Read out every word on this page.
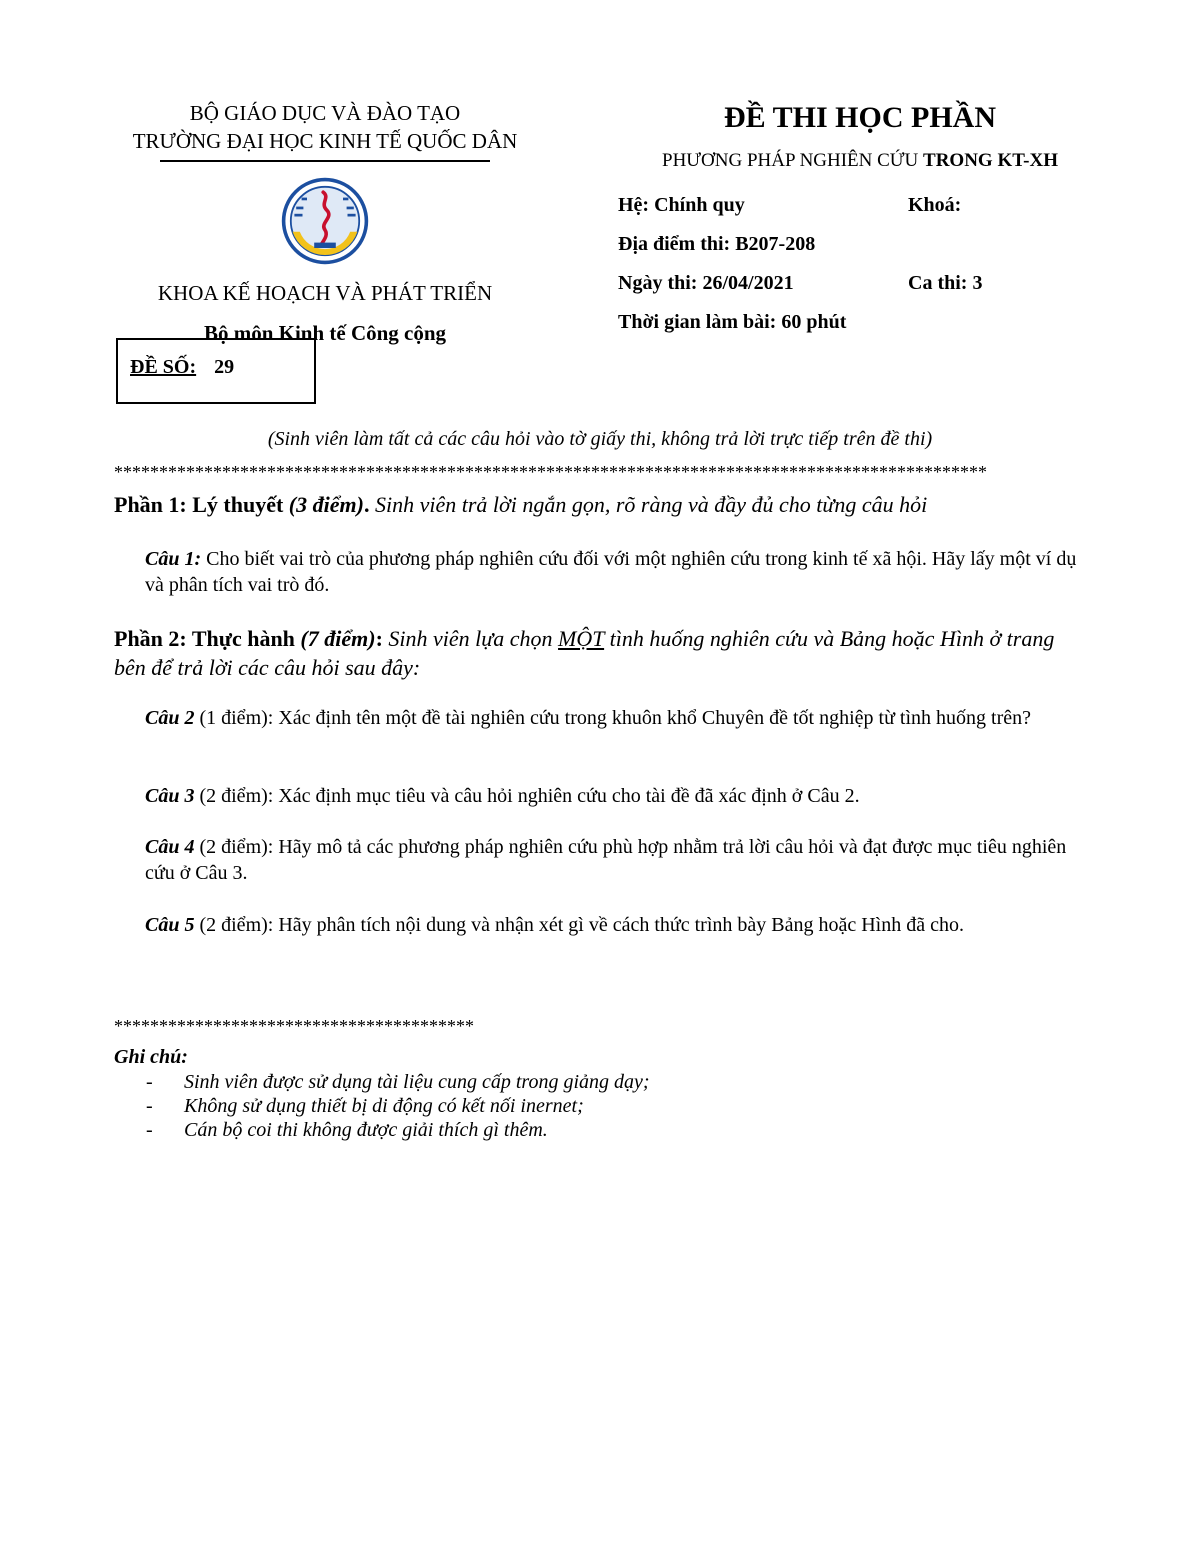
BỘ GIÁO DỤC VÀ ĐÀO TẠO
TRƯỜNG ĐẠI HỌC KINH TẾ QUỐC DÂN
KHOA KẾ HOẠCH VÀ PHÁT TRIỂN
Bộ môn Kinh tế Công cộng
ĐỀ SỐ: 29
ĐỀ THI HỌC PHẦN
PHƯƠNG PHÁP NGHIÊN CỨU TRONG KT-XH
Hệ: Chính quy	Khoá:
Địa điểm thi: B207-208
Ngày thi: 26/04/2021	Ca thi: 3
Thời gian làm bài: 60 phút
(Sinh viên làm tất cả các câu hỏi vào tờ giấy thi, không trả lời trực tiếp trên đề thi)
*************************************************************************************************
Phần 1: Lý thuyết (3 điểm). Sinh viên trả lời ngắn gọn, rõ ràng và đầy đủ cho từng câu hỏi
Câu 1: Cho biết vai trò của phương pháp nghiên cứu đối với một nghiên cứu trong kinh tế xã hội. Hãy lấy một ví dụ và phân tích vai trò đó.
Phần 2: Thực hành (7 điểm): Sinh viên lựa chọn MỘT tình huống nghiên cứu và Bảng hoặc Hình ở trang bên để trả lời các câu hỏi sau đây:
Câu 2 (1 điểm): Xác định tên một đề tài nghiên cứu trong khuôn khổ Chuyên đề tốt nghiệp từ tình huống trên?
Câu 3 (2 điểm): Xác định mục tiêu và câu hỏi nghiên cứu cho tài đề đã xác định ở Câu 2.
Câu 4 (2 điểm): Hãy mô tả các phương pháp nghiên cứu phù hợp nhằm trả lời câu hỏi và đạt được mục tiêu nghiên cứu ở Câu 3.
Câu 5 (2 điểm): Hãy phân tích nội dung và nhận xét gì về cách thức trình bày Bảng hoặc Hình đã cho.
****************************************
Ghi chú:
- Sinh viên được sử dụng tài liệu cung cấp trong giảng dạy;
- Không sử dụng thiết bị di động có kết nối inernet;
- Cán bộ coi thi không được giải thích gì thêm.
